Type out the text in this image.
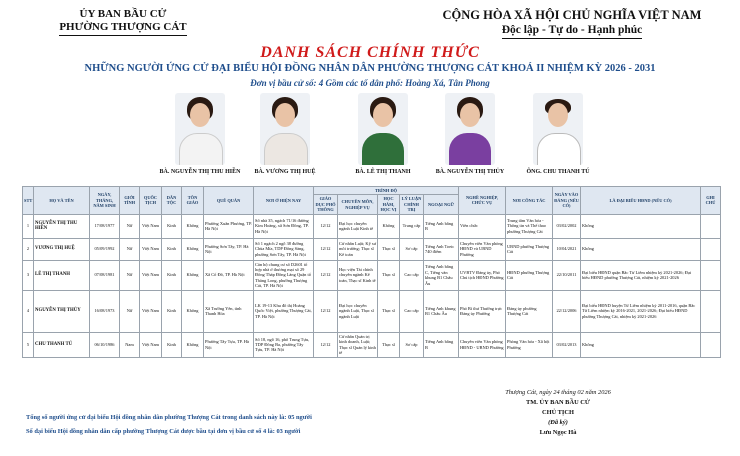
ỦY BAN BẦU CỬ
PHƯỜNG THƯỢNG CÁT
CỘNG HÒA XÃ HỘI CHỦ NGHĨA VIỆT NAM
Độc lập - Tự do - Hạnh phúc
DANH SÁCH CHÍNH THỨC
NHỮNG NGƯỜI ỨNG CỬ ĐẠI BIỂU HỘI ĐỒNG NHÂN DÂN PHƯỜNG THƯỢNG CÁT KHOÁ II NHIỆM KỲ 2026 - 2031
Đơn vị bầu cử số: 4 Gồm các tổ dân phố: Hoàng Xá, Tân Phong
BÀ. NGUYỄN THỊ THU HIỀN	BÀ. VƯƠNG THỊ HUỆ	BÀ. LÊ THỊ THANH	BÀ. NGUYỄN THỊ THỦY	ÔNG. CHU THANH TÚ
STT	HỌ VÀ TÊN	NGÀY, THÁNG, NĂM SINH	GIỚI TÍNH	QUỐC TỊCH	DÂN TỘC	TÔN GIÁO	QUÊ QUÁN	NƠI Ở HIỆN NAY	TRÌNH ĐỘ					NGHỀ NGHIỆP, CHỨC VỤ	NƠI CÔNG TÁC	NGÀY VÀO ĐẢNG (NẾU CÓ)	LÀ ĐẠI BIỂU HĐND (NẾU CÓ)	GHI CHÚ
									GIÁO DỤC PHỔ THÔNG	CHUYÊN MÔN, NGHIỆP VỤ	HỌC HÀM, HỌC VỊ	LÝ LUẬN CHÍNH TRỊ	NGOẠI NGỮ					
1	NGUYỄN THỊ THU HIỀN	17/08/1977	Nữ	Việt Nam	Kinh	Không	Phường Xuân Phương, TP. Hà Nội	Số nhà 35, ngách 71/16 đường Kim Hoàng, xã Sơn Đồng, TP. Hà Nội	12/12	Đại học chuyên ngành Luật Kinh tế	Không	Trung cấp	Tiếng Anh bằng B	Viên chức	Trung tâm Văn hóa - Thông tin và Thể thao phường Thượng Cát	03/02/2002	Không	
2	VƯƠNG THỊ HUỆ	05/09/1992	Nữ	Việt Nam	Kinh	Không	Phường Sơn Tây, TP. Hà Nội	Số 1 ngách 2 ngõ 38 đường Chùa Mía, TDP Đông Sàng, phường Sơn Tây, TP. Hà Nội	12/12	Cử nhân Luật; Kỹ sư môi trường; Thạc sĩ Kế toán	Thạc sĩ	Sơ cấp	Tiếng Anh Toeic 740 điểm	Chuyên viên Văn phòng HĐND và UBND Phường	UBND phường Thượng Cát	10/04/2021	Không	
3	LÊ THỊ THANH	07/08/1981	Nữ	Việt Nam	Kinh	Không	Xã Cổ Đô, TP. Hà Nội	Căn hộ chung cư số D2601 tổ hợp nhà ở thương mại số 29 Đông Tháp Đồng Làng Quận tổ Thăng Long, phường Thượng Cát, TP. Hà Nội	12/12	Học viện Tài chính chuyên ngành Kế toán, Thạc sĩ Kinh tế	Thạc sĩ	Cao cấp	Tiếng Anh bằng C, Tiếng văn khung B1 Châu Âu	UVBTV Đảng ủy, Phó Chủ tịch HĐND Phường	HĐND phường Thượng Cát	22/10/2011	Đại biểu HĐND quận Bắc Từ Liêm nhiệm kỳ 2021-2026; Đại biểu HĐND phường Thượng Cát, nhiệm kỳ 2021-2026	
4	NGUYỄN THỊ THỦY	16/08/1973	Nữ	Việt Nam	Kinh	Không	Xã Trường Yên, tỉnh Thanh Hóa	LK 19-13 Khu đô thị Hoàng Quốc Việt, phường Thượng Cát, TP. Hà Nội	12/12	Đại học chuyên ngành Luật, Thạc sĩ ngành Luật	Thạc sĩ	Cao cấp	Tiếng Anh khung B1 Châu Âu	Phó Bí thư Thường trực Đảng ủy Phường	Đảng ủy phường Thượng Cát	22/12/2006	Đại biểu HĐND huyện Từ Liêm nhiệm kỳ 2011-2016, quận Bắc Từ Liêm nhiệm kỳ 2016-2021, 2021-2026; Đại biểu HĐND phường Thượng Cát, nhiệm kỳ 2021-2026	
5	CHU THANH TÚ	06/10/1986	Nam	Việt Nam	Kinh	Không	Phường Tây Tựu, TP. Hà Nội	Số 18, ngõ 16, phố Trung Tựu, TDP Đông Ba, phường Tây Tựu, TP. Hà Nội	12/12	Cử nhân Quản trị kinh doanh, Luật; Thạc sĩ Quản lý kinh tế	Thạc sĩ	Sơ cấp	Tiếng Anh bằng B	Chuyên viên Văn phòng HĐND - UBND Phường	Phòng Văn hóa - Xã hội Phường	03/02/2013	Không	
Tổng số người ứng cử đại biểu Hội đồng nhân dân phường Thượng Cát trong danh sách này là: 05 người
Số đại biểu Hội đồng nhân dân cấp phường Thượng Cát được bầu tại đơn vị bầu cử số 4 là: 03 người
Thượng Cát, ngày 24 tháng 02 năm 2026
TM. ỦY BAN BẦU CỬ
CHỦ TỊCH
(Đã ký)
Lưu Ngọc Hà
